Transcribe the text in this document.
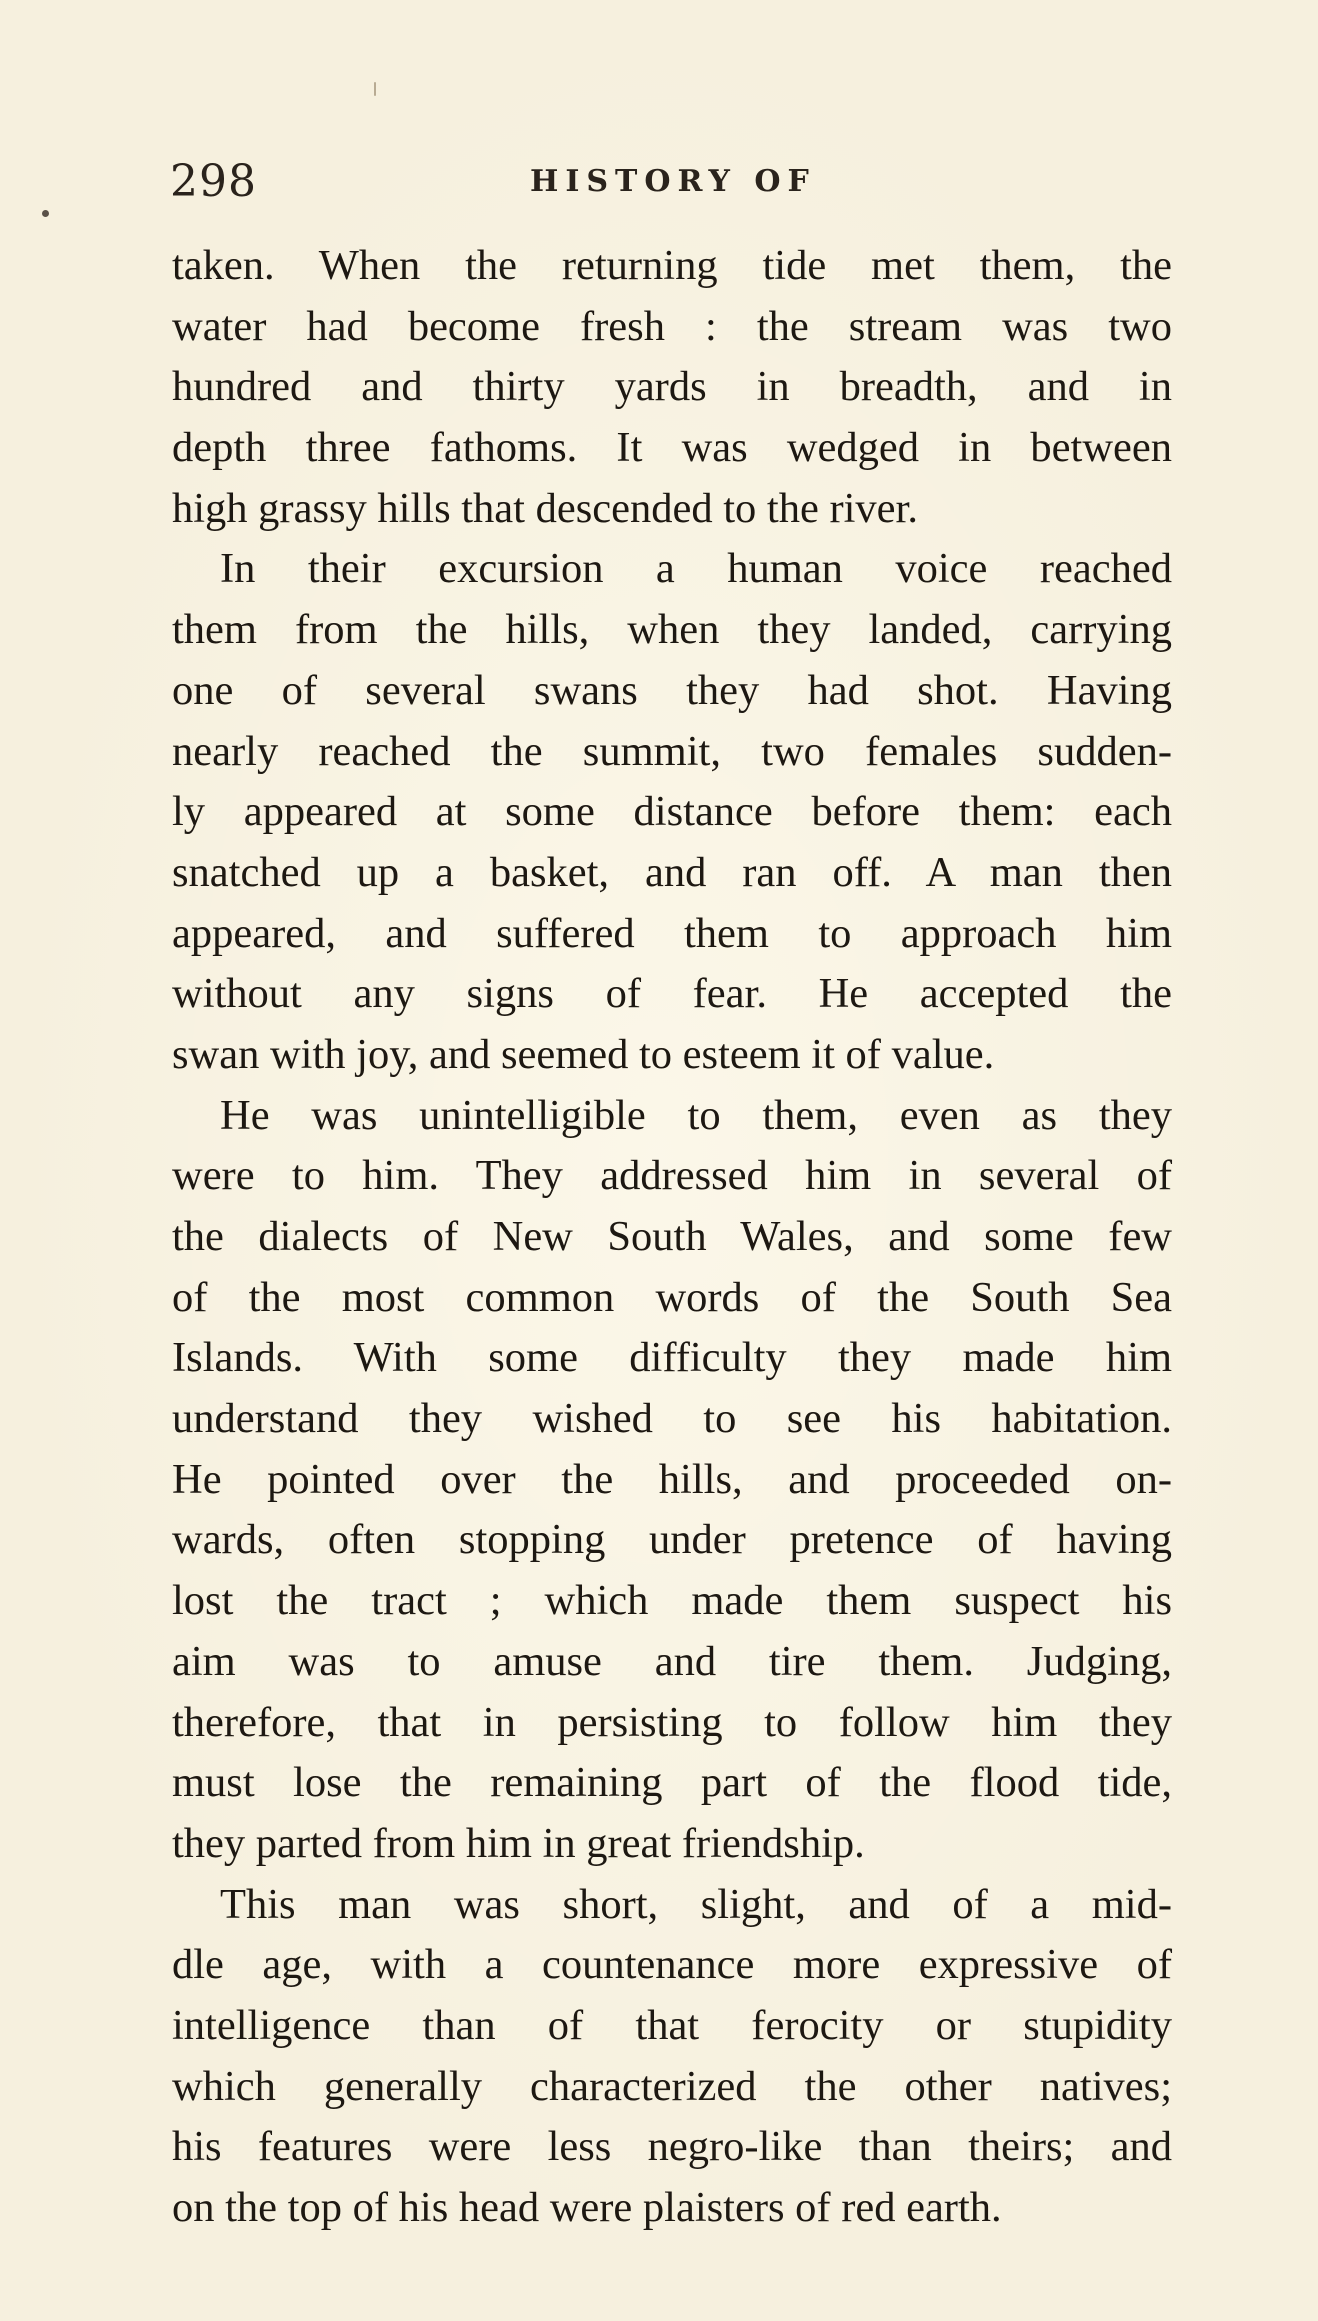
298	HISTORY OF
taken. When the returning tide met them, the
water had become fresh : the stream was two
hundred and thirty yards in breadth, and in
depth three fathoms. It was wedged in between
high grassy hills that descended to the river.
In their excursion a human voice reached
them from the hills, when they landed, carrying
one of several swans they had shot. Having
nearly reached the summit, two females sudden-
ly appeared at some distance before them: each
snatched up a basket, and ran off. A man then
appeared, and suffered them to approach him
without any signs of fear. He accepted the
swan with joy, and seemed to esteem it of value.
He was unintelligible to them, even as they
were to him. They addressed him in several of
the dialects of New South Wales, and some few
of the most common words of the South Sea
Islands. With some difficulty they made him
understand they wished to see his habitation.
He pointed over the hills, and proceeded on-
wards, often stopping under pretence of having
lost the tract ; which made them suspect his
aim was to amuse and tire them. Judging,
therefore, that in persisting to follow him they
must lose the remaining part of the flood tide,
they parted from him in great friendship.
This man was short, slight, and of a mid-
dle age, with a countenance more expressive of
intelligence than of that ferocity or stupidity
which generally characterized the other natives;
his features were less negro-like than theirs; and
on the top of his head were plaisters of red earth.
